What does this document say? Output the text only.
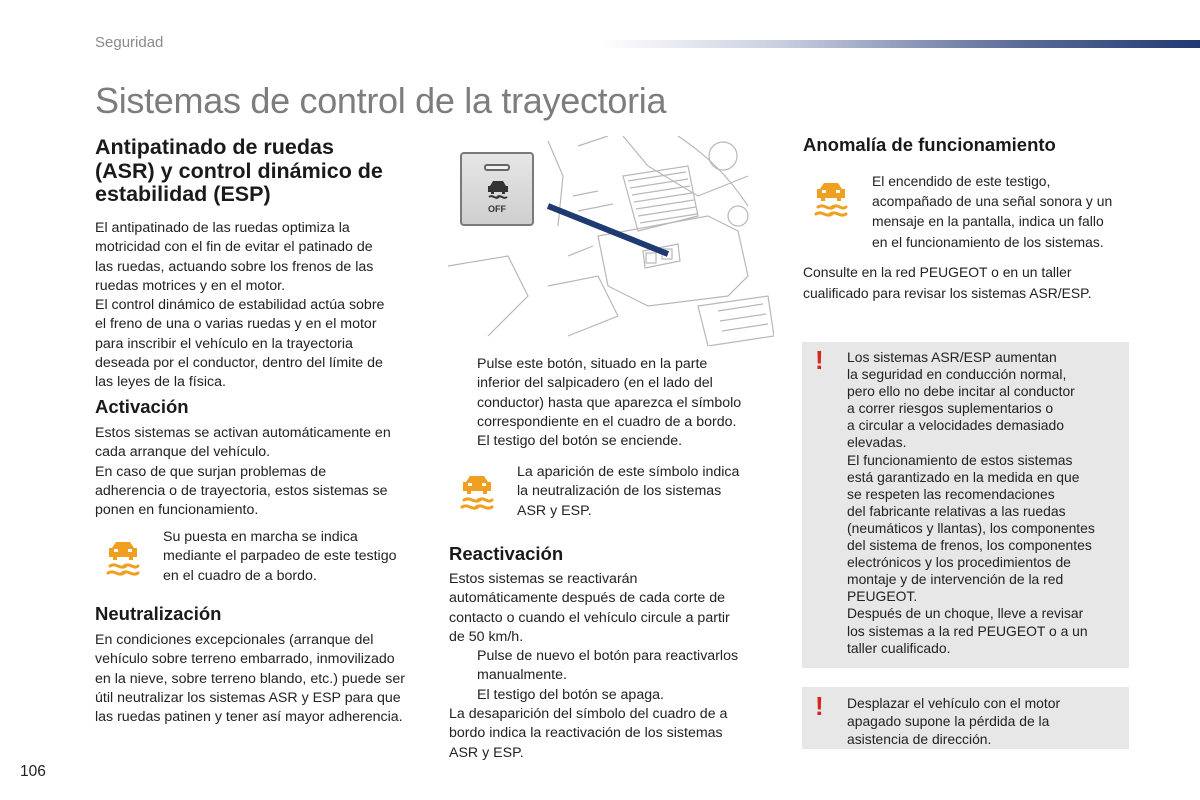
Seguridad
Sistemas de control de la trayectoria
Antipatinado de ruedas
(ASR) y control dinámico de
estabilidad (ESP)
El antipatinado de las ruedas optimiza la
motricidad con el fin de evitar el patinado de
las ruedas, actuando sobre los frenos de las
ruedas motrices y en el motor.
El control dinámico de estabilidad actúa sobre
el freno de una o varias ruedas y en el motor
para inscribir el vehículo en la trayectoria
deseada por el conductor, dentro del límite de
las leyes de la física.
Activación
Estos sistemas se activan automáticamente en
cada arranque del vehículo.
En caso de que surjan problemas de
adherencia o de trayectoria, estos sistemas se
ponen en funcionamiento.
Su puesta en marcha se indica
mediante el parpadeo de este testigo
en el cuadro de a bordo.
Neutralización
En condiciones excepcionales (arranque del
vehículo sobre terreno embarrado, inmovilizado
en la nieve, sobre terreno blando, etc.) puede ser
útil neutralizar los sistemas ASR y ESP para que
las ruedas patinen y tener así mayor adherencia.
OFF
Pulse este botón, situado en la parte
inferior del salpicadero (en el lado del
conductor) hasta que aparezca el símbolo
correspondiente en el cuadro de a bordo.
El testigo del botón se enciende.
La aparición de este símbolo indica
la neutralización de los sistemas
ASR y ESP.
Reactivación
Estos sistemas se reactivarán
automáticamente después de cada corte de
contacto o cuando el vehículo circule a partir
de 50 km/h.
Pulse de nuevo el botón para reactivarlos
manualmente.
El testigo del botón se apaga.
La desaparición del símbolo del cuadro de a
bordo indica la reactivación de los sistemas
ASR y ESP.
Anomalía de funcionamiento
El encendido de este testigo,
acompañado de una señal sonora y un
mensaje en la pantalla, indica un fallo
en el funcionamiento de los sistemas.
Consulte en la red PEUGEOT o en un taller
cualificado para revisar los sistemas ASR/ESP.
! Los sistemas ASR/ESP aumentan
la seguridad en conducción normal,
pero ello no debe incitar al conductor
a correr riesgos suplementarios o
a circular a velocidades demasiado
elevadas.
El funcionamiento de estos sistemas
está garantizado en la medida en que
se respeten las recomendaciones
del fabricante relativas a las ruedas
(neumáticos y llantas), los componentes
del sistema de frenos, los componentes
electrónicos y los procedimientos de
montaje y de intervención de la red
PEUGEOT.
Después de un choque, lleve a revisar
los sistemas a la red PEUGEOT o a un
taller cualificado.
! Desplazar el vehículo con el motor
apagado supone la pérdida de la
asistencia de dirección.
106
